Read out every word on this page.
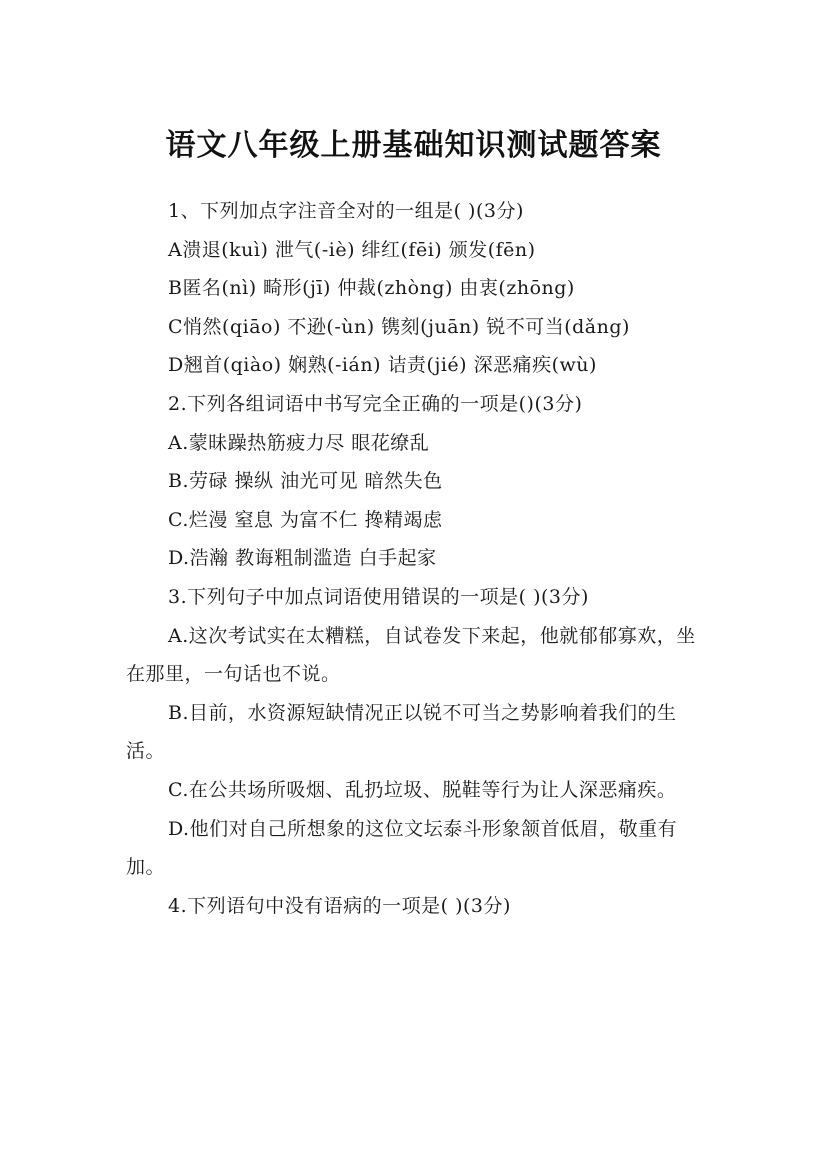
语文八年级上册基础知识测试题答案

1、下列加点字注音全对的一组是( )(3分)

A溃退(kuì) 泄气(-iè) 绯红(fēi) 颁发(fēn)

B匿名(nì) 畸形(jī) 仲裁(zhòng) 由衷(zhōng)

C悄然(qiāo) 不逊(-ùn) 镌刻(juān) 锐不可当(dǎng)

D翘首(qiào) 娴熟(-ián) 诘责(jié) 深恶痛疾(wù)

2.下列各组词语中书写完全正确的一项是()(3分)

A.蒙昧躁热筋疲力尽 眼花缭乱

B.劳碌 操纵 油光可见 暗然失色

C.烂漫 窒息 为富不仁 搀精竭虑

D.浩瀚 教诲粗制滥造 白手起家

3.下列句子中加点词语使用错误的一项是( )(3分)

A.这次考试实在太糟糕，自试卷发下来起，他就郁郁寡欢，坐在那里，一句话也不说。

B.目前，水资源短缺情况正以锐不可当之势影响着我们的生活。

C.在公共场所吸烟、乱扔垃圾、脱鞋等行为让人深恶痛疾。

D.他们对自己所想象的这位文坛泰斗形象颔首低眉，敬重有加。

4.下列语句中没有语病的一项是( )(3分)
